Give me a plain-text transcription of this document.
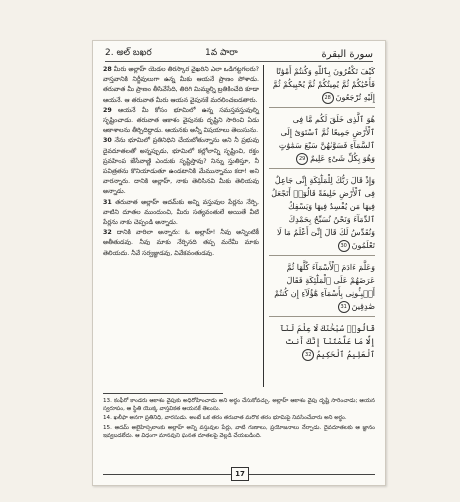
2. అల్ బఖర	1వ పారా	سورة البقرة

28 మీరు అల్లాహ్‌ యెడల తిరస్కార వైఖరిని ఎలా ఒడిగట్టగలరు? వాస్తవానికి నిర్జీవులుగా ఉన్న మీకు ఆయనే ప్రాణం పోశాడు. తరువాత మీ ప్రాణం తీసివేసేది, తిరిగి మిమ్మల్ని బ్రతికించేది కూడా ఆయనే. ఆ తరువాత మీరు ఆయన వైపునకే మరలించబడతారు.

29 ఆయనే మీ కోసం భూమిలో ఉన్న సమస్తవస్తువుల్ని సృష్టించాడు. తరువాత ఆకాశం వైపునకు దృష్టిని సారించి ఏడు ఆకాశాలను తీర్చిదిద్దాడు. ఆయనకు అన్నీ విషయాలు తెలుసును.

30 నేను భూమిలో ప్రతినిధిని చేయబోతున్నాను అని నీ ప్రభువు దైవదూతలతో అన్నప్పుడు, భూమిలో కల్లోలాన్ని సృష్టించి, రక్తం ప్రవహింప జేసేవాణ్ణి ఎందుకు సృష్టిస్తావు? నిన్ను స్తుతిస్తూ, నీ పవిత్రతను కొనియాడుతూ ఉండటానికి మేమున్నాము కదా! అని వారన్నారు. దానికి అల్లాహ్, నాకు తెలిసినవి మీకు తెలియవు అన్నాడు.

31 తరువాత అల్లాహ్ ఆదమ్‌కు అన్ని వస్తువుల పేర్లను నేర్పి, వాటిని దూతల ముందుంచి, మీరు సత్యవంతులే అయితే వీటి పేర్లను నాకు చెప్పండి అన్నాడు.

32 దానికి వారిలా అన్నారు: ఓ అల్లాహ్! నీవు అన్నింటికీ అతీతుడవు. నీవు మాకు నేర్పినది తప్ప మరేమీ మాకు తెలియదు. నీవే సర్వజ్ఞుడవు, వివేకవంతుడవు.

كَيْفَ تَكْفُرُونَ بِٱللَّهِ وَكُنتُمْ أَمْوَٰتًا فَأَحْيَٰكُمْ ثُمَّ يُمِيتُكُمْ ثُمَّ يُحْيِيكُمْ ثُمَّ إِلَيْهِ تُرْجَعُونَ28

هُوَ ٱلَّذِى خَلَقَ لَكُم مَّا فِى ٱلْأَرْضِ جَمِيعًا ثُمَّ ٱسْتَوَىٰٓ إِلَى ٱلسَّمَآءِ فَسَوَّىٰهُنَّ سَبْعَ سَمَٰوَٰتٍ وَهُوَ بِكُلِّ شَىْءٍ عَلِيمٌ29

وَإِذْ قَالَ رَبُّكَ لِلْمَلَٰٓئِكَةِ إِنِّى جَاعِلٌ فِى ٱلْأَرْضِ خَلِيفَةً قَالُوٓا۟ أَتَجْعَلُ فِيهَا مَن يُفْسِدُ فِيهَا وَيَسْفِكُ ٱلدِّمَآءَ وَنَحْنُ نُسَبِّحُ بِحَمْدِكَ وَنُقَدِّسُ لَكَ قَالَ إِنِّىٓ أَعْلَمُ مَا لَا تَعْلَمُونَ30

وَعَلَّمَ ءَادَمَ ٱلْأَسْمَآءَ كُلَّهَا ثُمَّ عَرَضَهُمْ عَلَى ٱلْمَلَٰٓئِكَةِ فَقَالَ أَنۢبِـُٔونِى بِأَسْمَآءِ هَٰٓؤُلَآءِ إِن كُنتُمْ صَٰدِقِينَ31

قَالُوا۟ سُبْحَٰنَكَ لَا عِلْمَ لَنَآ إِلَّا مَا عَلَّمْتَنَآ إِنَّكَ أَنتَ ٱلْعَلِيمُ ٱلْحَكِيمُ32

13. కంఫీరో కాండరు ఆకాశం వైపుకు అధిరోహించాడు అని అర్థం చేసుకోవచ్చు. అల్లాహ్ ఆకాశం వైపు దృష్టి సారించాడు; ఆయన స్వరూపం, ఆ స్థితి యొక్క వాస్తవికత ఆయనకే తెలుసు.

14. ఖలీఫా అనగా ప్రతినిధి, వారసుడు. అంటే ఒక తరం తరువాత మరొక తరం భూమిపై నివసించేవారు అని అర్థం.

15. ఆదమ్ అలైహిస్సలాంకు అల్లాహ్ అన్ని వస్తువుల పేర్లు, వాటి గుణాలు, ప్రయోజనాలు నేర్పాడు. దైవదూతలకు ఆ జ్ఞానం ఇవ్వబడలేదు. ఆ విధంగా మానవుని ఘనత దూతలపై వెల్లడి చేయబడింది.

17
